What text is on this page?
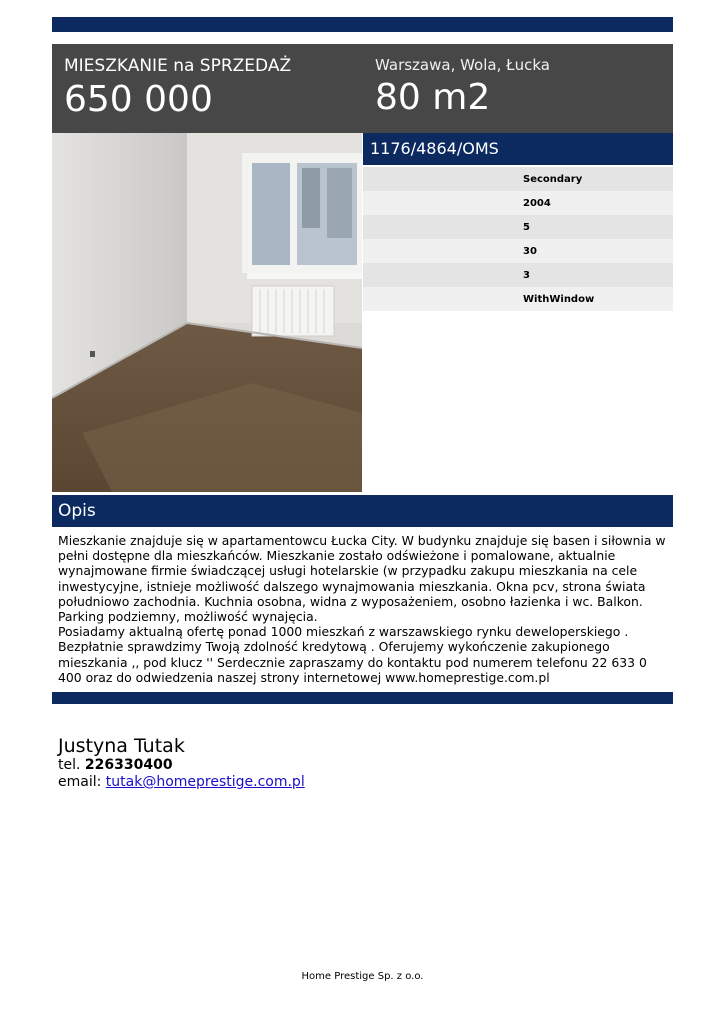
MIESZKANIE na SPRZEDAŻ
650 000
Warszawa, Wola, Łucka
80 m2
1176/4864/OMS
Secondary
2004
5
30
3
WithWindow
Opis
Mieszkanie znajduje się w apartamentowcu Łucka City. W budynku znajduje się basen i siłownia w pełni dostępne dla mieszkańców. Mieszkanie zostało odświeżone i pomalowane, aktualnie wynajmowane firmie świadczącej usługi hotelarskie (w przypadku zakupu mieszkania na cele inwestycyjne, istnieje możliwość dalszego wynajmowania mieszkania. Okna pcv, strona świata południowo zachodnia. Kuchnia osobna, widna z wyposażeniem, osobno łazienka i wc. Balkon. Parking podziemny, możliwość wynajęcia.
Posiadamy aktualną ofertę ponad 1000 mieszkań z warszawskiego rynku deweloperskiego . Bezpłatnie sprawdzimy Twoją zdolność kredytową . Oferujemy wykończenie zakupionego mieszkania ,, pod klucz '' Serdecznie zapraszamy do kontaktu pod numerem telefonu 22 633 0 400 oraz do odwiedzenia naszej strony internetowej www.homeprestige.com.pl
Justyna Tutak
tel. 226330400
email: tutak@homeprestige.com.pl
Home Prestige Sp. z o.o.
